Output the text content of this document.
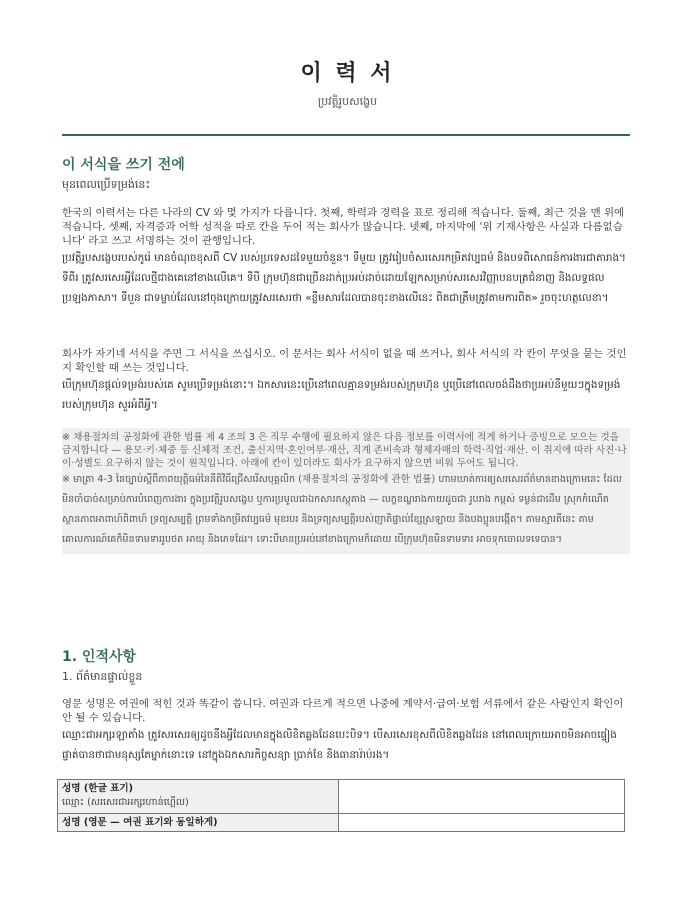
이 력 서
ប្រវត្តិរូបសង្ខេប
이 서식을 쓰기 전에
មុនពេលប្រើទម្រង់នេះ

한국의 이력서는 다른 나라의 CV 와 몇 가지가 다릅니다. 첫째, 학력과 경력을 표로 정리해 적습니다. 둘째, 최근 것을 맨 위에 적습니다. 셋째, 자격증과 어학 성적을 따로 칸을 두어 적는 회사가 많습니다. 넷째, 마지막에 '위 기재사항은 사실과 다름없습니다' 라고 쓰고 서명하는 것이 관행입니다.

ប្រវត្តិរូបសង្ខេបរបស់កូរ៉េ មានចំណុចខុសពី CV របស់ប្រទេសដទៃមួយចំនួន។ ទីមួយ ត្រូវរៀបចំសរសេរកម្រិតវប្បធម៌ និងបទពិសោធន៍ការងារជាតារាង។ ទីពីរ ត្រូវសរសេរអ្វីដែលថ្មីជាងគេនៅខាងលើគេ។ ទីបី ក្រុមហ៊ុនជាច្រើនដាក់ប្រអប់ដាច់ដោយឡែកសម្រាប់សរសេរវិញ្ញាបនបត្រជំនាញ និងលទ្ធផលប្រឡងភាសា។ ទីបួន ជាទម្លាប់ដែលនៅចុងក្រោយត្រូវសរសេរថា «ខ្លឹមសារដែលបានចុះខាងលើនេះ ពិតជាត្រឹមត្រូវតាមការពិត» រួចចុះហត្ថលេខា។

회사가 자기네 서식을 주면 그 서식을 쓰십시오. 이 문서는 회사 서식이 없을 때 쓰거나, 회사 서식의 각 칸이 무엇을 묻는 것인지 확인할 때 쓰는 것입니다.

បើក្រុមហ៊ុនផ្តល់ទម្រង់របស់គេ សូមប្រើទម្រង់នោះ។ ឯកសារនេះប្រើនៅពេលគ្មានទម្រង់របស់ក្រុមហ៊ុន ឬប្រើនៅពេលចង់ដឹងថាប្រអប់នីមួយៗក្នុងទម្រង់របស់ក្រុមហ៊ុន សួរអំពីអ្វី។

※ 채용절차의 공정화에 관한 법률 제 4 조의 3 은 직무 수행에 필요하지 않은 다음 정보를 이력서에 적게 하거나 증빙으로 모으는 것을 금지합니다 — 용모·키·체중 등 신체적 조건, 출신지역·혼인여부·재산, 직계 존비속과 형제자매의 학력·직업·재산. 이 취지에 따라 사진·나이·성별도 요구하지 않는 것이 원칙입니다. 아래에 칸이 있더라도 회사가 요구하지 않으면 비워 두어도 됩니다.

※ មាត្រា 4-3 នៃច្បាប់ស្តីពីភាពយុត្តិធម៌នៃនីតិវិធីជ្រើសរើសបុគ្គលិក (채용절차의 공정화에 관한 법률) ហាមឃាត់ការឲ្យសរសេរព័ត៌មានខាងក្រោមនេះ ដែលមិនចាំបាច់សម្រាប់ការបំពេញការងារ ក្នុងប្រវត្តិរូបសង្ខេប ឬការប្រមូលជាឯកសារភស្តុតាង — លក្ខខណ្ឌរាងកាយដូចជា រូបរាង កម្ពស់ ទម្ងន់ជាដើម ស្រុកកំណើត ស្ថានភាពអាពាហ៍ពិពាហ៍ ទ្រព្យសម្បត្តិ ព្រមទាំងកម្រិតវប្បធម៌ មុខរបរ និងទ្រព្យសម្បត្តិរបស់ញាតិផ្ទាល់ខ្សែស្រឡាយ និងបងប្អូនបង្កើត។ តាមស្មារតីនេះ តាមគោលការណ៍គេក៏មិនទាមទាររូបថត អាយុ និងភេទដែរ។ ទោះបីមានប្រអប់នៅខាងក្រោមក៏ដោយ បើក្រុមហ៊ុនមិនទាមទារ អាចទុកចោលទទេបាន។

1. 인적사항
1. ព័ត៌មានផ្ទាល់ខ្លួន

영문 성명은 여권에 적힌 것과 똑같이 씁니다. 여권과 다르게 적으면 나중에 계약서·급여·보험 서류에서 같은 사람인지 확인이 안 될 수 있습니다.

ឈ្មោះជាអក្សរឡាតាំង ត្រូវសរសេរឲ្យដូចនឹងអ្វីដែលមានក្នុងលិខិតឆ្លងដែនបេះបិទ។ បើសរសេរខុសពីលិខិតឆ្លងដែន នៅពេលក្រោយអាចមិនអាចផ្ទៀងផ្ទាត់បានថាជាមនុស្សតែម្នាក់នោះទេ នៅក្នុងឯកសារកិច្ចសន្យា ប្រាក់ខែ និងធានារ៉ាប់រង។

성명 (한글 표기)
ឈ្មោះ (សរសេរជាអក្សរហាន់ហ្គើល)	

성명 (영문 — 여권 표기와 동일하게)	
